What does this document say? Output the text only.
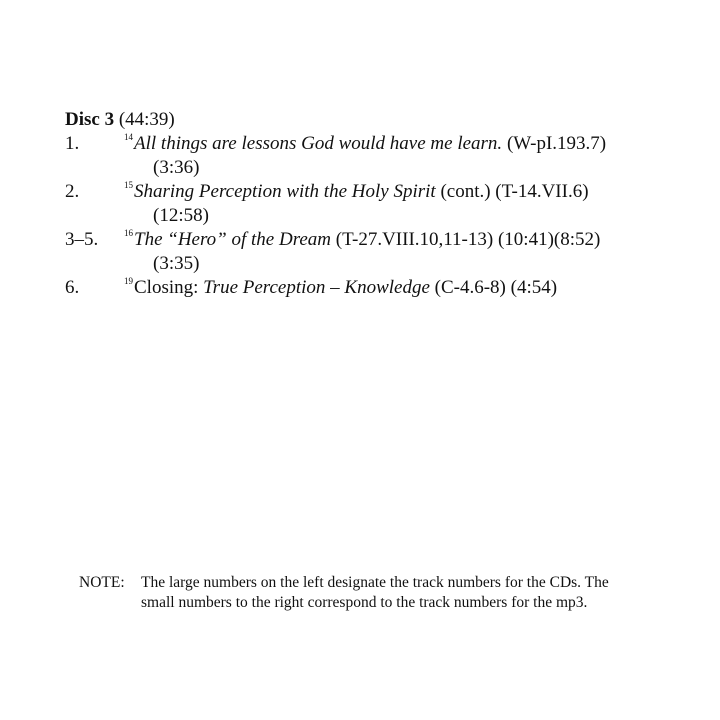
Disc 3 (44:39)
1.	$^{14}$All things are lessons God would have me learn. (W-pI.193.7)
(3:36)
2.	$^{15}$Sharing Perception with the Holy Spirit (cont.) (T-14.VII.6)
(12:58)
3–5.	$^{16}$The “Hero” of the Dream (T-27.VIII.10,11-13) (10:41)(8:52)
(3:35)
6.	$^{19}$Closing: True Perception – Knowledge (C-4.6-8) (4:54)
NOTE: The large numbers on the left designate the track numbers for the CDs. The
small numbers to the right correspond to the track numbers for the mp3.
